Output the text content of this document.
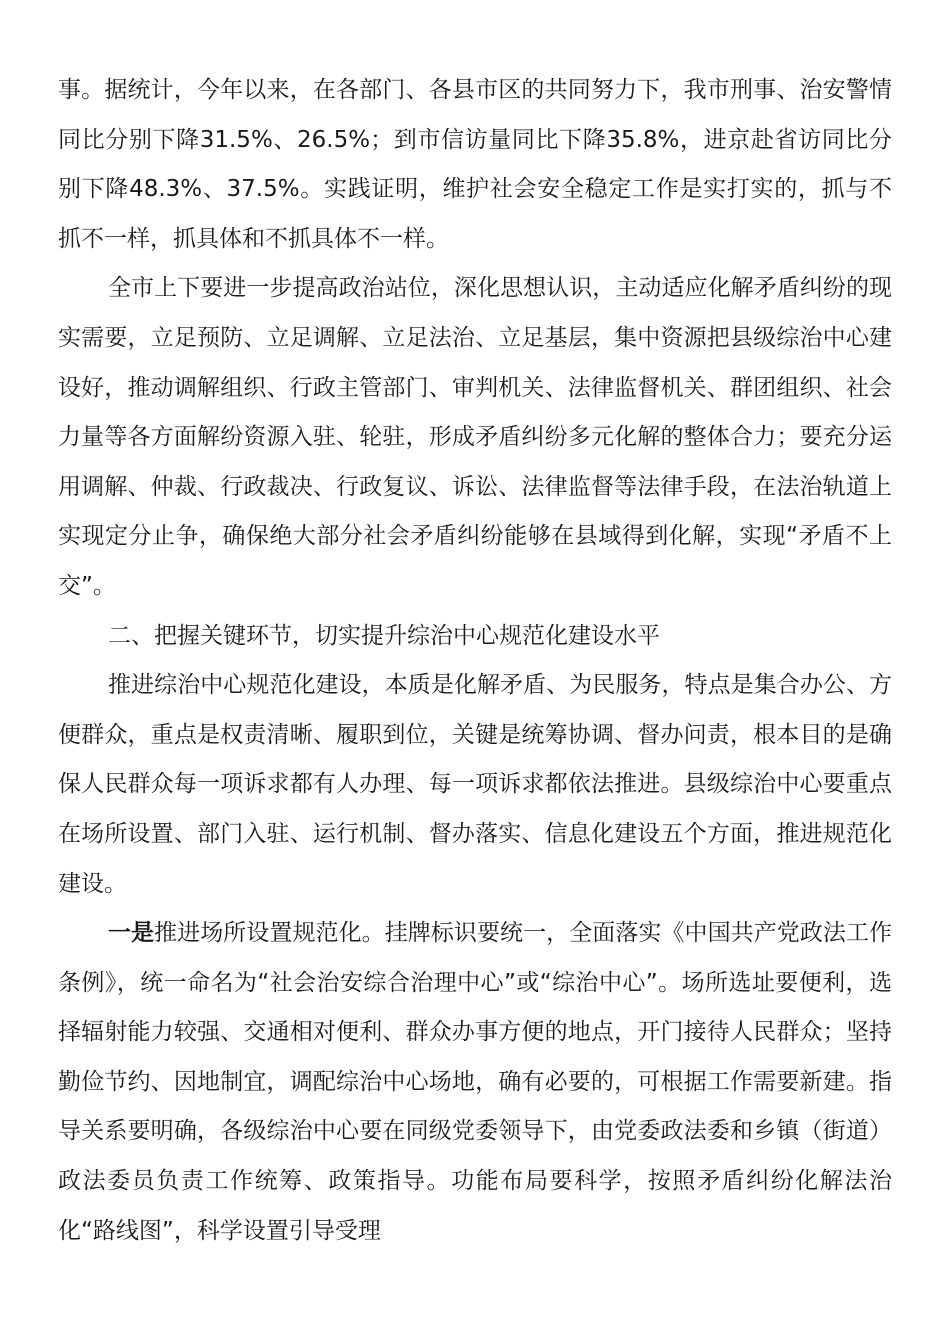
事。据统计，今年以来，在各部门、各县市区的共同努力下，我市刑事、治安警情同比分别下降31.5%、26.5%；到市信访量同比下降35.8%，进京赴省访同比分别下降48.3%、37.5%。实践证明，维护社会安全稳定工作是实打实的，抓与不抓不一样，抓具体和不抓具体不一样。

全市上下要进一步提高政治站位，深化思想认识，主动适应化解矛盾纠纷的现实需要，立足预防、立足调解、立足法治、立足基层，集中资源把县级综治中心建设好，推动调解组织、行政主管部门、审判机关、法律监督机关、群团组织、社会力量等各方面解纷资源入驻、轮驻，形成矛盾纠纷多元化解的整体合力；要充分运用调解、仲裁、行政裁决、行政复议、诉讼、法律监督等法律手段，在法治轨道上实现定分止争，确保绝大部分社会矛盾纠纷能够在县域得到化解，实现“矛盾不上交”。

二、把握关键环节，切实提升综治中心规范化建设水平

推进综治中心规范化建设，本质是化解矛盾、为民服务，特点是集合办公、方便群众，重点是权责清晰、履职到位，关键是统筹协调、督办问责，根本目的是确保人民群众每一项诉求都有人办理、每一项诉求都依法推进。县级综治中心要重点在场所设置、部门入驻、运行机制、督办落实、信息化建设五个方面，推进规范化建设。

一是推进场所设置规范化。挂牌标识要统一，全面落实《中国共产党政法工作条例》，统一命名为“社会治安综合治理中心”或“综治中心”。场所选址要便利，选择辐射能力较强、交通相对便利、群众办事方便的地点，开门接待人民群众；坚持勤俭节约、因地制宜，调配综治中心场地，确有必要的，可根据工作需要新建。指导关系要明确，各级综治中心要在同级党委领导下，由党委政法委和乡镇（街道）政法委员负责工作统筹、政策指导。功能布局要科学，按照矛盾纠纷化解法治化“路线图”，科学设置引导受理
